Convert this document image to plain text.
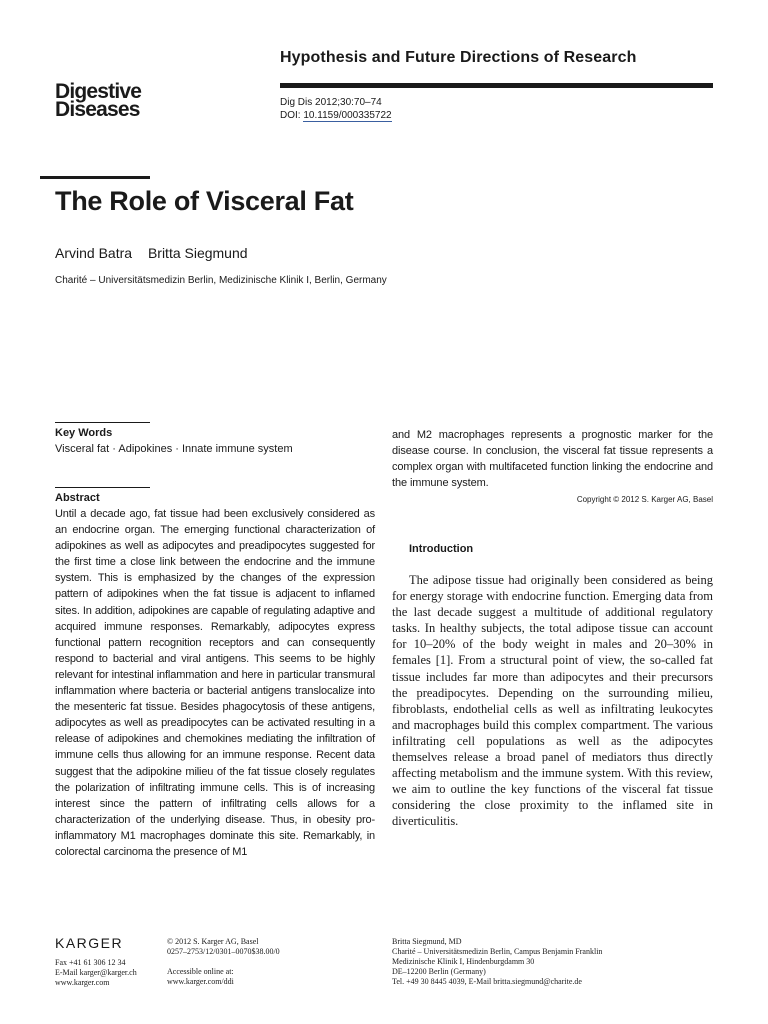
Hypothesis and Future Directions of Research
Digestive
Diseases	Dig Dis 2012;30:70–74
DOI: 10.1159/000335722
The Role of Visceral Fat
Arvind Batra Britta Siegmund
Charité – Universitätsmedizin Berlin, Medizinische Klinik I, Berlin, Germany
Key Words
Visceral fat · Adipokines · Innate immune system
Abstract
Until a decade ago, fat tissue had been exclusively considered as an endocrine organ. The emerging functional characterization of adipokines as well as adipocytes and preadipocytes suggested for the first time a close link between the endocrine and the immune system. This is emphasized by the changes of the expression pattern of adipokines when the fat tissue is adjacent to inflamed sites. In addition, adipokines are capable of regulating adaptive and acquired immune responses. Remarkably, adipocytes express functional pattern recognition receptors and can consequently respond to bacterial and viral antigens. This seems to be highly relevant for intestinal inflammation and here in particular transmural inflammation where bacteria or bacterial antigens translocalize into the mesenteric fat tissue. Besides phagocytosis of these antigens, adipocytes as well as preadipocytes can be activated resulting in a release of adipokines and chemokines mediating the infiltration of immune cells thus allowing for an immune response. Recent data suggest that the adipokine milieu of the fat tissue closely regulates the polarization of infiltrating immune cells. This is of increasing interest since the pattern of infiltrating cells allows for a characterization of the underlying disease. Thus, in obesity pro-inflammatory M1 macrophages dominate this site. Remarkably, in colorectal carcinoma the presence of M1
and M2 macrophages represents a prognostic marker for the disease course. In conclusion, the visceral fat tissue represents a complex organ with multifaceted function linking the endocrine and the immune system.
Copyright © 2012 S. Karger AG, Basel
Introduction
The adipose tissue had originally been considered as being for energy storage with endocrine function. Emerging data from the last decade suggest a multitude of additional regulatory tasks. In healthy subjects, the total adipose tissue can account for 10–20% of the body weight in males and 20–30% in females [1]. From a structural point of view, the so-called fat tissue includes far more than adipocytes and their precursors the preadipocytes. Depending on the surrounding milieu, fibroblasts, endothelial cells as well as infiltrating leukocytes and macrophages build this complex compartment. The various infiltrating cell populations as well as the adipocytes themselves release a broad panel of mediators thus directly affecting metabolism and the immune system. With this review, we aim to outline the key functions of the visceral fat tissue considering the close proximity to the inflamed site in diverticulitis.
KARGER
Fax +41 61 306 12 34
E-Mail karger@karger.ch
www.karger.com
© 2012 S. Karger AG, Basel
0257–2753/12/0301–0070$38.00/0
Accessible online at:
www.karger.com/ddi
Britta Siegmund, MD
Charité – Universitätsmedizin Berlin, Campus Benjamin Franklin
Medizinische Klinik I, Hindenburgdamm 30
DE–12200 Berlin (Germany)
Tel. +49 30 8445 4039, E-Mail britta.siegmund@charite.de
